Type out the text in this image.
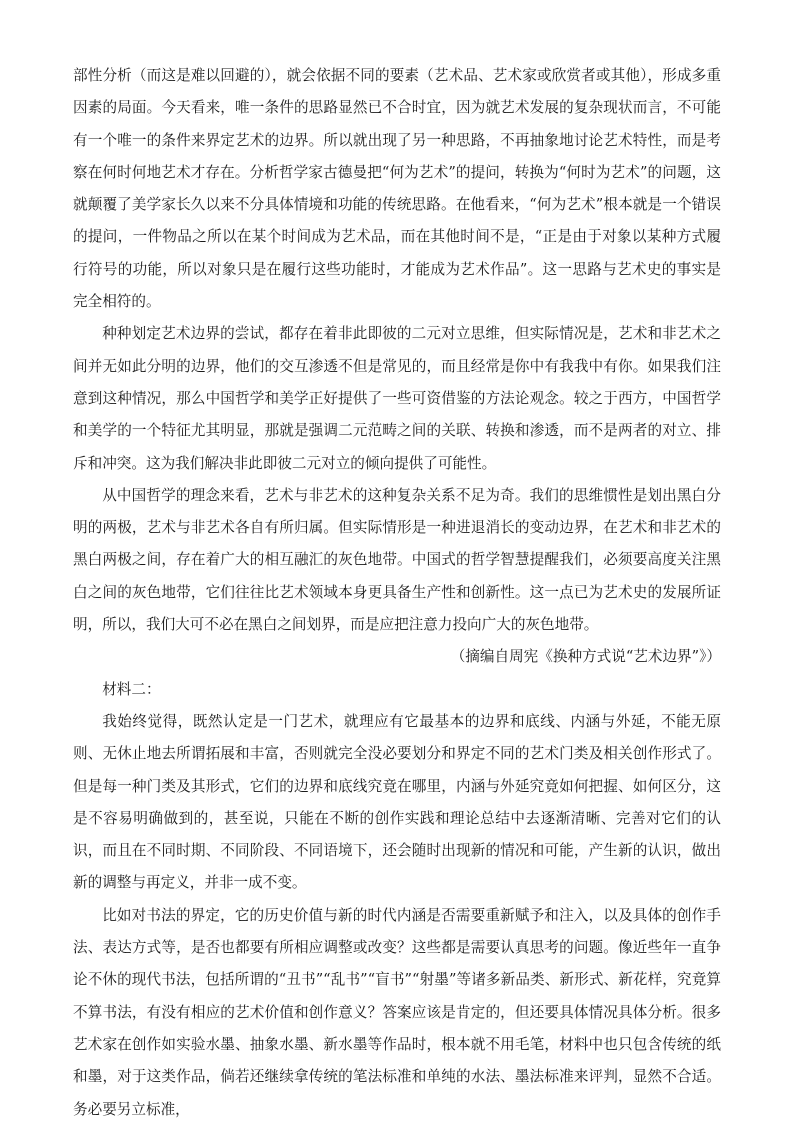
部性分析（而这是难以回避的），就会依据不同的要素（艺术品、艺术家或欣赏者或其他），形成多重因素的局面。今天看来，唯一条件的思路显然已不合时宜，因为就艺术发展的复杂现状而言，不可能有一个唯一的条件来界定艺术的边界。所以就出现了另一种思路，不再抽象地讨论艺术特性，而是考察在何时何地艺术才存在。分析哲学家古德曼把“何为艺术”的提问，转换为“何时为艺术”的问题，这就颠覆了美学家长久以来不分具体情境和功能的传统思路。在他看来，“何为艺术”根本就是一个错误的提问，一件物品之所以在某个时间成为艺术品，而在其他时间不是，“正是由于对象以某种方式履行符号的功能，所以对象只是在履行这些功能时，才能成为艺术作品”。这一思路与艺术史的事实是完全相符的。

种种划定艺术边界的尝试，都存在着非此即彼的二元对立思维，但实际情况是，艺术和非艺术之间并无如此分明的边界，他们的交互渗透不但是常见的，而且经常是你中有我我中有你。如果我们注意到这种情况，那么中国哲学和美学正好提供了一些可资借鉴的方法论观念。较之于西方，中国哲学和美学的一个特征尤其明显，那就是强调二元范畴之间的关联、转换和渗透，而不是两者的对立、排斥和冲突。这为我们解决非此即彼二元对立的倾向提供了可能性。

从中国哲学的理念来看，艺术与非艺术的这种复杂关系不足为奇。我们的思维惯性是划出黑白分明的两极，艺术与非艺术各自有所归属。但实际情形是一种进退消长的变动边界，在艺术和非艺术的黑白两极之间，存在着广大的相互融汇的灰色地带。中国式的哲学智慧提醒我们，必须要高度关注黑白之间的灰色地带，它们往往比艺术领域本身更具备生产性和创新性。这一点已为艺术史的发展所证明，所以，我们大可不必在黑白之间划界，而是应把注意力投向广大的灰色地带。

（摘编自周宪《换种方式说“艺术边界”》）

材料二：

我始终觉得，既然认定是一门艺术，就理应有它最基本的边界和底线、内涵与外延，不能无原则、无休止地去所谓拓展和丰富，否则就完全没必要划分和界定不同的艺术门类及相关创作形式了。但是每一种门类及其形式，它们的边界和底线究竟在哪里，内涵与外延究竟如何把握、如何区分，这是不容易明确做到的，甚至说，只能在不断的创作实践和理论总结中去逐渐清晰、完善对它们的认识，而且在不同时期、不同阶段、不同语境下，还会随时出现新的情况和可能，产生新的认识，做出新的调整与再定义，并非一成不变。

比如对书法的界定，它的历史价值与新的时代内涵是否需要重新赋予和注入，以及具体的创作手法、表达方式等，是否也都要有所相应调整或改变？这些都是需要认真思考的问题。像近些年一直争论不休的现代书法，包括所谓的“丑书”“乱书”“盲书”“射墨”等诸多新品类、新形式、新花样，究竟算不算书法，有没有相应的艺术价值和创作意义？答案应该是肯定的，但还要具体情况具体分析。很多艺术家在创作如实验水墨、抽象水墨、新水墨等作品时，根本就不用毛笔，材料中也只包含传统的纸和墨，对于这类作品，倘若还继续拿传统的笔法标准和单纯的水法、墨法标准来评判，显然不合适。务必要另立标准，
